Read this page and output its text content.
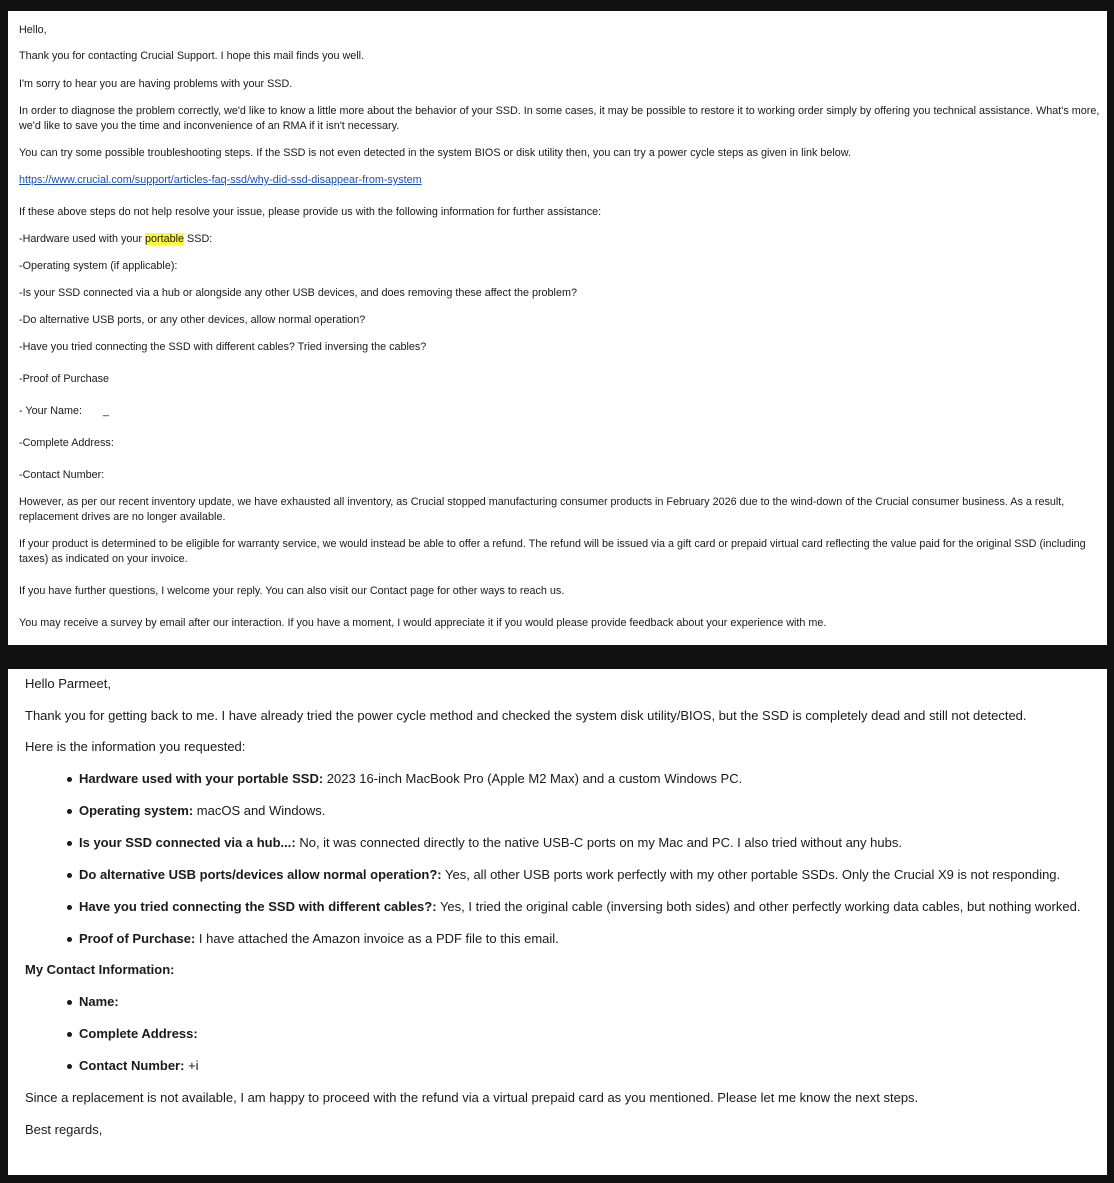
Hello,

Thank you for contacting Crucial Support. I hope this mail finds you well.

I'm sorry to hear you are having problems with your SSD.

In order to diagnose the problem correctly, we'd like to know a little more about the behavior of your SSD. In some cases, it may be possible to restore it to working order simply by offering you technical assistance. What's more,
we'd like to save you the time and inconvenience of an RMA if it isn't necessary.

You can try some possible troubleshooting steps. If the SSD is not even detected in the system BIOS or disk utility then, you can try a power cycle steps as given in link below.

https://www.crucial.com/support/articles-faq-ssd/why-did-ssd-disappear-from-system

If these above steps do not help resolve your issue, please provide us with the following information for further assistance:

-Hardware used with your portable SSD:

-Operating system (if applicable):

-Is your SSD connected via a hub or alongside any other USB devices, and does removing these affect the problem?

-Do alternative USB ports, or any other devices, allow normal operation?

-Have you tried connecting the SSD with different cables? Tried inversing the cables?

-Proof of Purchase

- Your Name: _

-Complete Address:

-Contact Number:

However, as per our recent inventory update, we have exhausted all inventory, as Crucial stopped manufacturing consumer products in February 2026 due to the wind-down of the Crucial consumer business. As a result,
replacement drives are no longer available.

If your product is determined to be eligible for warranty service, we would instead be able to offer a refund. The refund will be issued via a gift card or prepaid virtual card reflecting the value paid for the original SSD (including
taxes) as indicated on your invoice.

If you have further questions, I welcome your reply. You can also visit our Contact page for other ways to reach us.

You may receive a survey by email after our interaction. If you have a moment, I would appreciate it if you would please provide feedback about your experience with me.

Hello Parmeet,

Thank you for getting back to me. I have already tried the power cycle method and checked the system disk utility/BIOS, but the SSD is completely dead and still not detected.

Here is the information you requested:

Hardware used with your portable SSD: 2023 16-inch MacBook Pro (Apple M2 Max) and a custom Windows PC.
Operating system: macOS and Windows.
Is your SSD connected via a hub...: No, it was connected directly to the native USB-C ports on my Mac and PC. I also tried without any hubs.
Do alternative USB ports/devices allow normal operation?: Yes, all other USB ports work perfectly with my other portable SSDs. Only the Crucial X9 is not responding.
Have you tried connecting the SSD with different cables?: Yes, I tried the original cable (inversing both sides) and other perfectly working data cables, but nothing worked.
Proof of Purchase: I have attached the Amazon invoice as a PDF file to this email.

My Contact Information:

Name:
Complete Address:
Contact Number: +i

Since a replacement is not available, I am happy to proceed with the refund via a virtual prepaid card as you mentioned. Please let me know the next steps.

Best regards,
